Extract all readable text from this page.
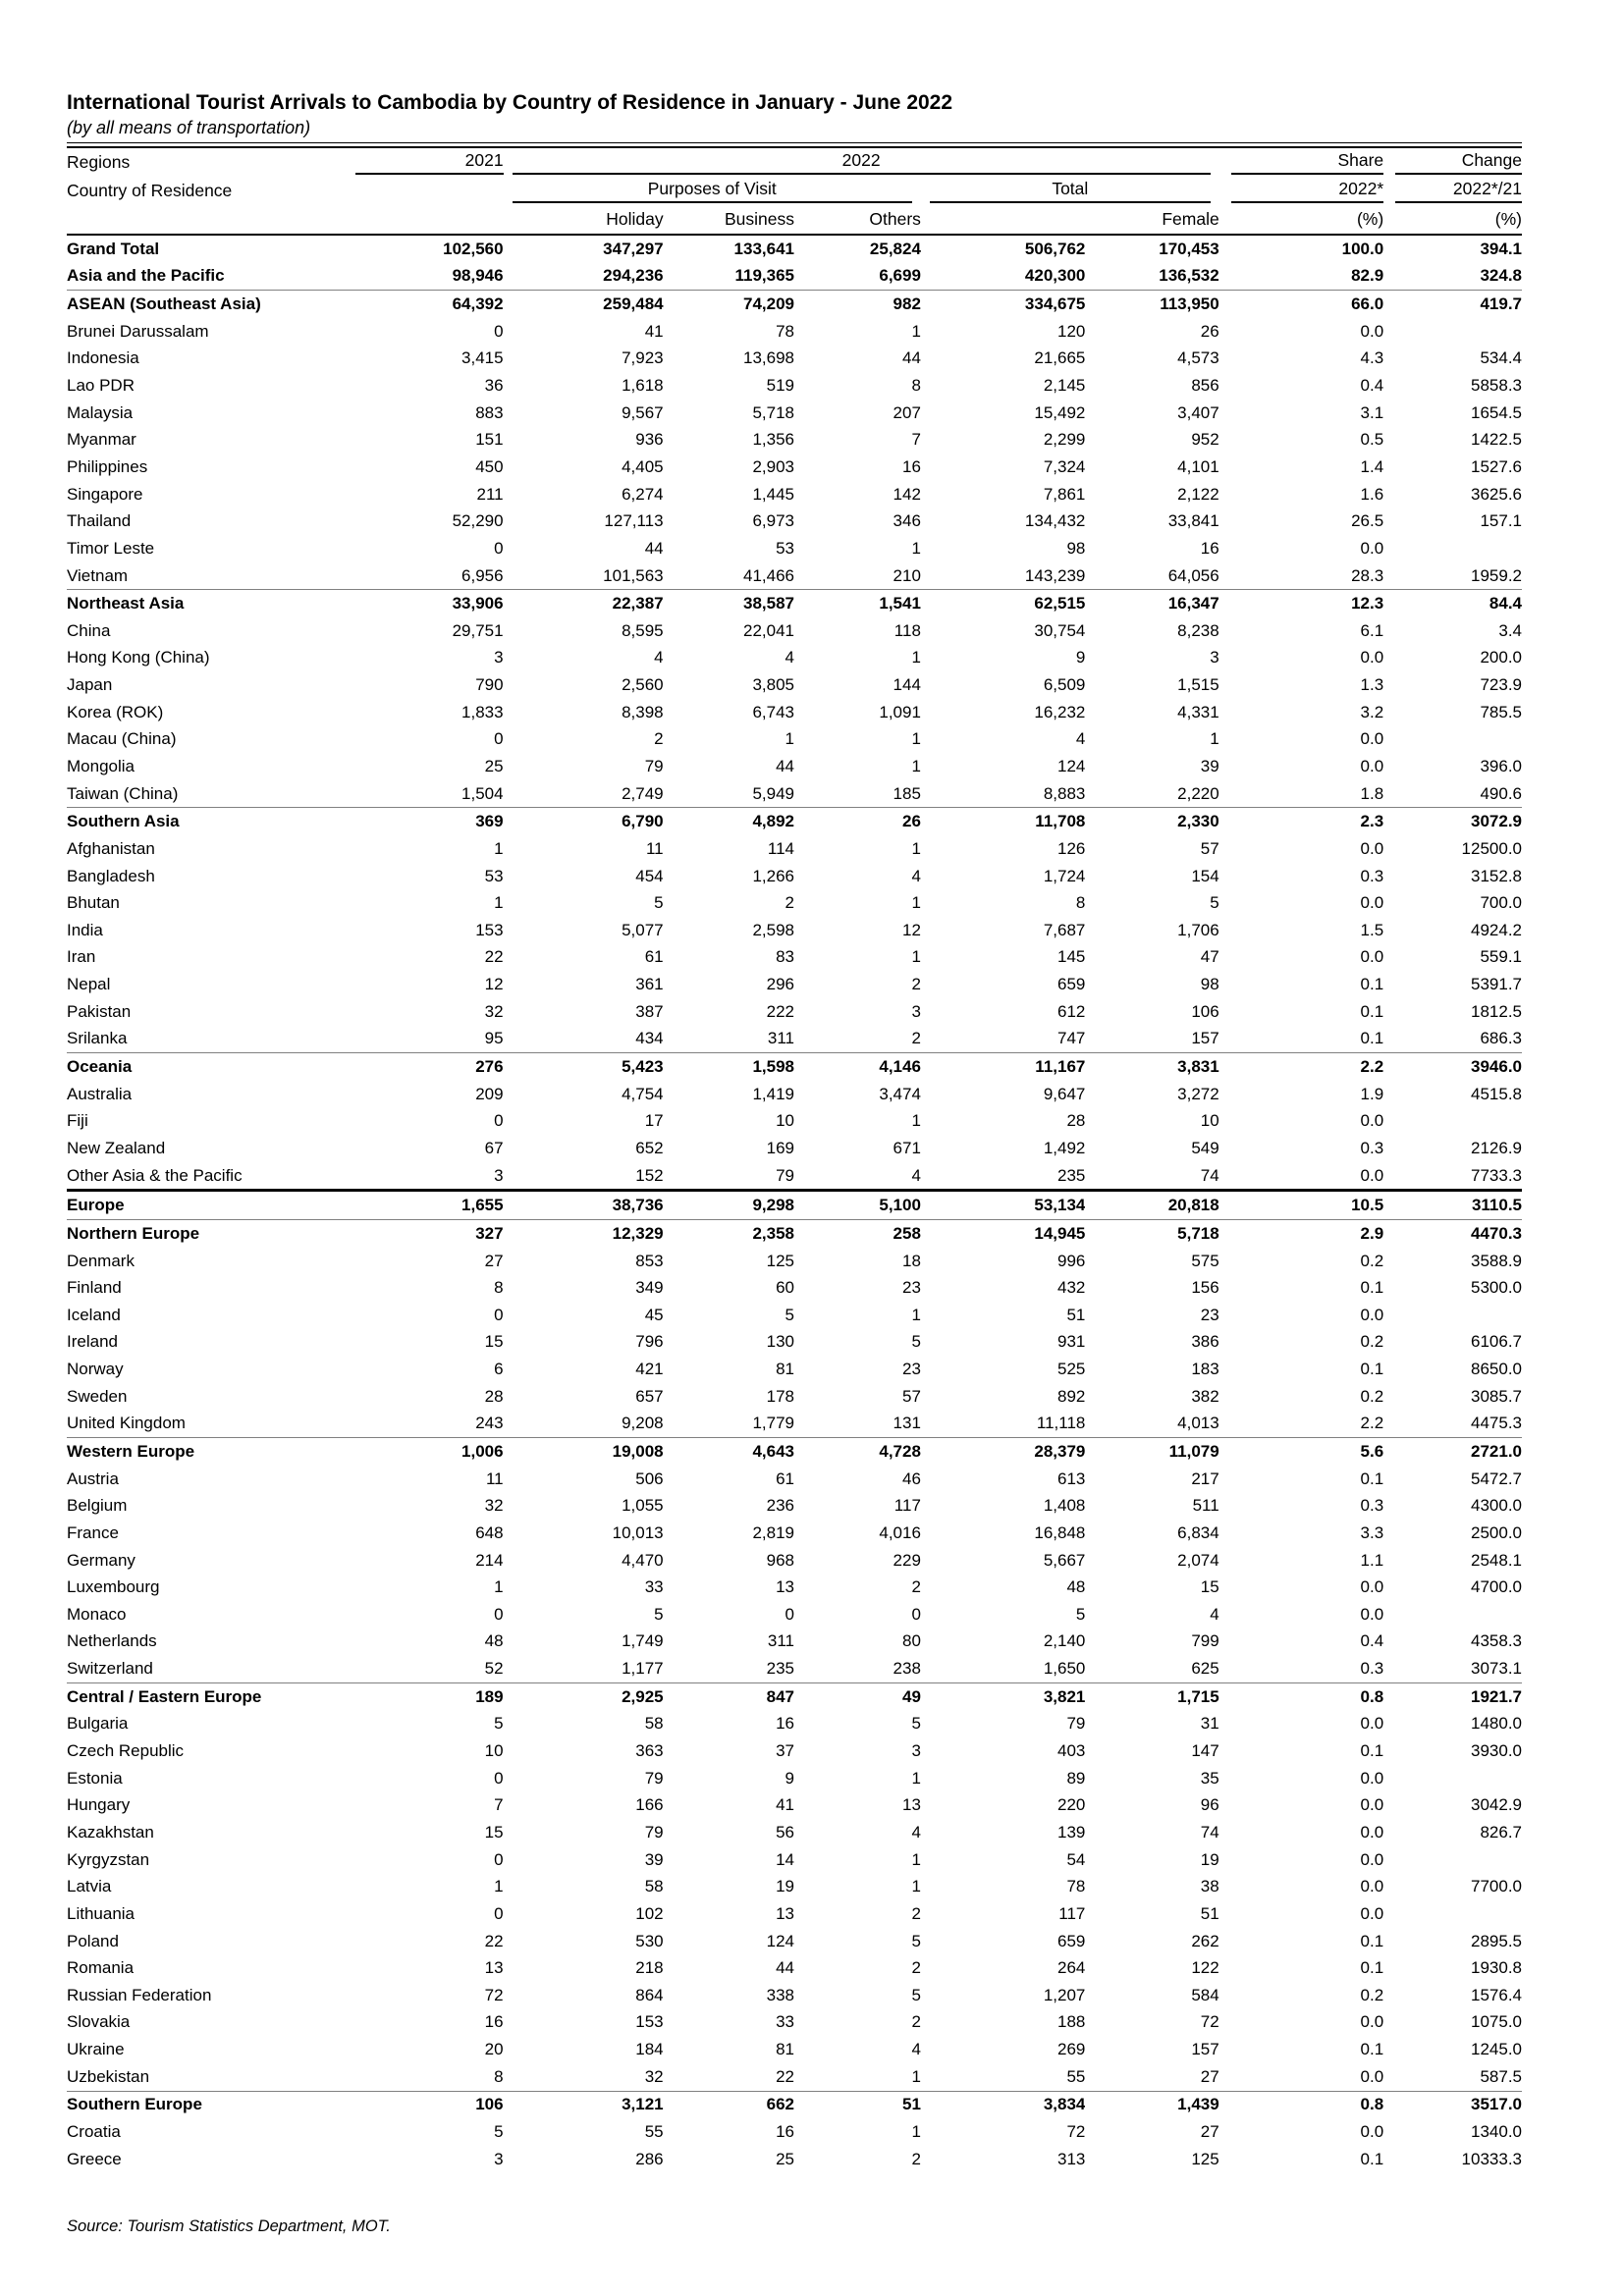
International Tourist Arrivals to Cambodia by Country of Residence in January - June 2022
(by all means of transportation)
Regions	2021	2022					Share	Change

Country of Residence		Purposes of Visit			Total		2022*	2022*/21

		Holiday	Business	Others		Female	(%)	(%)
Grand Total	102,560	347,297	133,641	25,824	506,762	170,453	100.0	394.1
Asia and the Pacific	98,946	294,236	119,365	6,699	420,300	136,532	82.9	324.8
ASEAN (Southeast Asia)	64,392	259,484	74,209	982	334,675	113,950	66.0	419.7
Brunei Darussalam	0	41	78	1	120	26	0.0	
Indonesia	3,415	7,923	13,698	44	21,665	4,573	4.3	534.4
Lao PDR	36	1,618	519	8	2,145	856	0.4	5858.3
Malaysia	883	9,567	5,718	207	15,492	3,407	3.1	1654.5
Myanmar	151	936	1,356	7	2,299	952	0.5	1422.5
Philippines	450	4,405	2,903	16	7,324	4,101	1.4	1527.6
Singapore	211	6,274	1,445	142	7,861	2,122	1.6	3625.6
Thailand	52,290	127,113	6,973	346	134,432	33,841	26.5	157.1
Timor Leste	0	44	53	1	98	16	0.0	
Vietnam	6,956	101,563	41,466	210	143,239	64,056	28.3	1959.2
Northeast Asia	33,906	22,387	38,587	1,541	62,515	16,347	12.3	84.4
China	29,751	8,595	22,041	118	30,754	8,238	6.1	3.4
Hong Kong (China)	3	4	4	1	9	3	0.0	200.0
Japan	790	2,560	3,805	144	6,509	1,515	1.3	723.9
Korea (ROK)	1,833	8,398	6,743	1,091	16,232	4,331	3.2	785.5
Macau (China)	0	2	1	1	4	1	0.0	
Mongolia	25	79	44	1	124	39	0.0	396.0
Taiwan (China)	1,504	2,749	5,949	185	8,883	2,220	1.8	490.6
Southern Asia	369	6,790	4,892	26	11,708	2,330	2.3	3072.9
Afghanistan	1	11	114	1	126	57	0.0	12500.0
Bangladesh	53	454	1,266	4	1,724	154	0.3	3152.8
Bhutan	1	5	2	1	8	5	0.0	700.0
India	153	5,077	2,598	12	7,687	1,706	1.5	4924.2
Iran	22	61	83	1	145	47	0.0	559.1
Nepal	12	361	296	2	659	98	0.1	5391.7
Pakistan	32	387	222	3	612	106	0.1	1812.5
Srilanka	95	434	311	2	747	157	0.1	686.3
Oceania	276	5,423	1,598	4,146	11,167	3,831	2.2	3946.0
Australia	209	4,754	1,419	3,474	9,647	3,272	1.9	4515.8
Fiji	0	17	10	1	28	10	0.0	
New Zealand	67	652	169	671	1,492	549	0.3	2126.9
Other Asia & the Pacific	3	152	79	4	235	74	0.0	7733.3
Europe	1,655	38,736	9,298	5,100	53,134	20,818	10.5	3110.5
Northern Europe	327	12,329	2,358	258	14,945	5,718	2.9	4470.3
Denmark	27	853	125	18	996	575	0.2	3588.9
Finland	8	349	60	23	432	156	0.1	5300.0
Iceland	0	45	5	1	51	23	0.0	
Ireland	15	796	130	5	931	386	0.2	6106.7
Norway	6	421	81	23	525	183	0.1	8650.0
Sweden	28	657	178	57	892	382	0.2	3085.7
United Kingdom	243	9,208	1,779	131	11,118	4,013	2.2	4475.3
Western Europe	1,006	19,008	4,643	4,728	28,379	11,079	5.6	2721.0
Austria	11	506	61	46	613	217	0.1	5472.7
Belgium	32	1,055	236	117	1,408	511	0.3	4300.0
France	648	10,013	2,819	4,016	16,848	6,834	3.3	2500.0
Germany	214	4,470	968	229	5,667	2,074	1.1	2548.1
Luxembourg	1	33	13	2	48	15	0.0	4700.0
Monaco	0	5	0	0	5	4	0.0	
Netherlands	48	1,749	311	80	2,140	799	0.4	4358.3
Switzerland	52	1,177	235	238	1,650	625	0.3	3073.1
Central / Eastern Europe	189	2,925	847	49	3,821	1,715	0.8	1921.7
Bulgaria	5	58	16	5	79	31	0.0	1480.0
Czech Republic	10	363	37	3	403	147	0.1	3930.0
Estonia	0	79	9	1	89	35	0.0	
Hungary	7	166	41	13	220	96	0.0	3042.9
Kazakhstan	15	79	56	4	139	74	0.0	826.7
Kyrgyzstan	0	39	14	1	54	19	0.0	
Latvia	1	58	19	1	78	38	0.0	7700.0
Lithuania	0	102	13	2	117	51	0.0	
Poland	22	530	124	5	659	262	0.1	2895.5
Romania	13	218	44	2	264	122	0.1	1930.8
Russian Federation	72	864	338	5	1,207	584	0.2	1576.4
Slovakia	16	153	33	2	188	72	0.0	1075.0
Ukraine	20	184	81	4	269	157	0.1	1245.0
Uzbekistan	8	32	22	1	55	27	0.0	587.5
Southern Europe	106	3,121	662	51	3,834	1,439	0.8	3517.0
Croatia	5	55	16	1	72	27	0.0	1340.0
Greece	3	286	25	2	313	125	0.1	10333.3
Source: Tourism Statistics Department, MOT.
